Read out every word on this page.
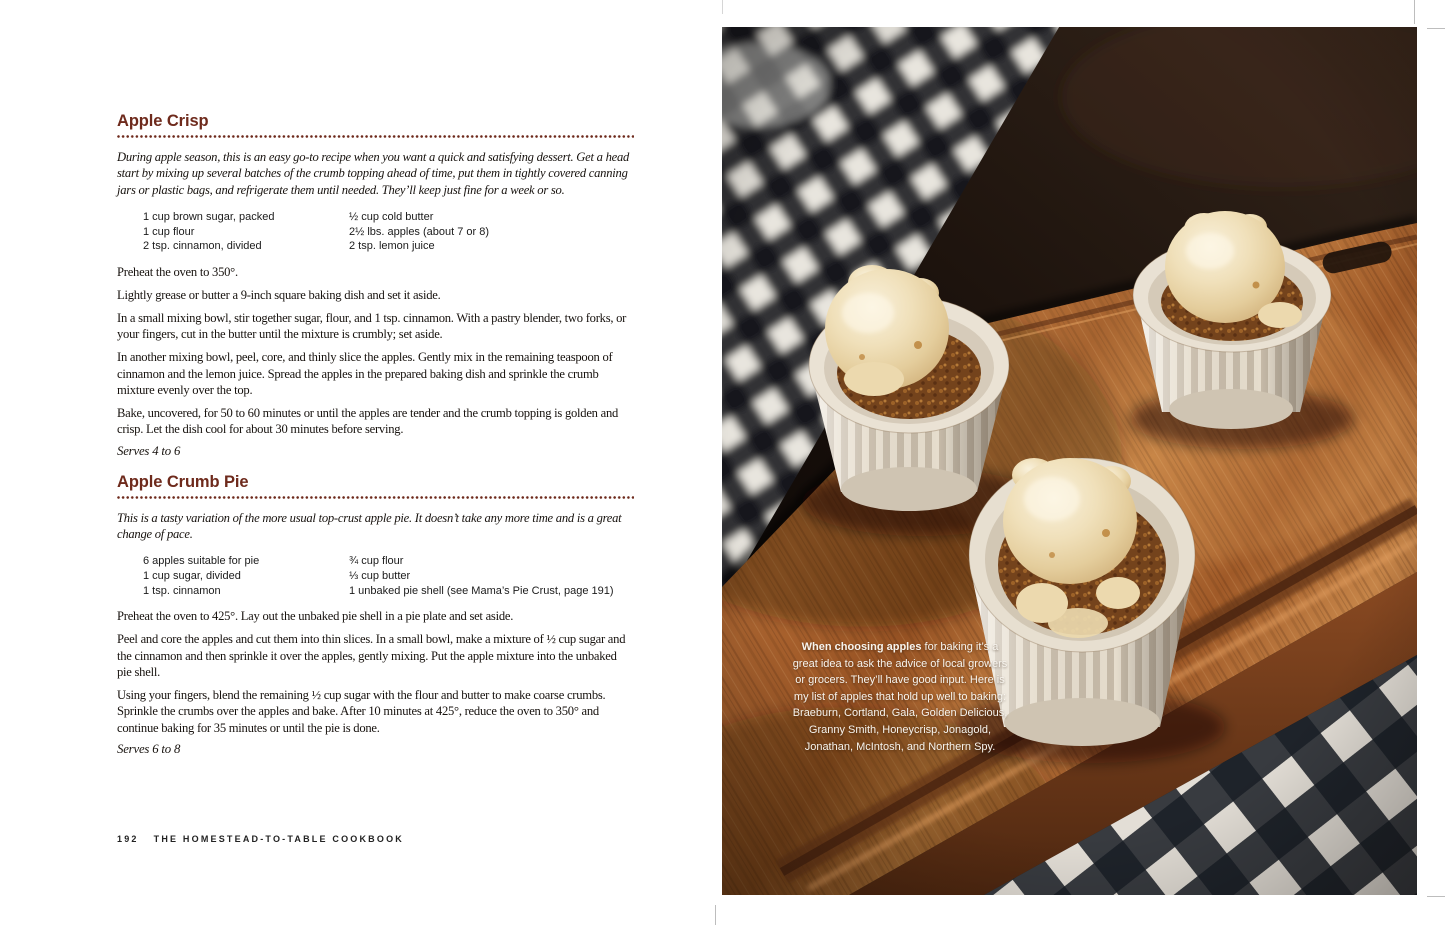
Apple Crisp

During apple season, this is an easy go-to recipe when you want a quick and satisfying dessert. Get a head start by mixing up several batches of the crumb topping ahead of time, put them in tightly covered canning jars or plastic bags, and refrigerate them until needed. They’ll keep just fine for a week or so.

1 cup brown sugar, packed
1 cup flour
2 tsp. cinnamon, divided
½ cup cold butter
2½ lbs. apples (about 7 or 8)
2 tsp. lemon juice

Preheat the oven to 350°.

Lightly grease or butter a 9-inch square baking dish and set it aside.

In a small mixing bowl, stir together sugar, flour, and 1 tsp. cinnamon. With a pastry blender, two forks, or your fingers, cut in the butter until the mixture is crumbly; set aside.

In another mixing bowl, peel, core, and thinly slice the apples. Gently mix in the remaining teaspoon of cinnamon and the lemon juice. Spread the apples in the prepared baking dish and sprinkle the crumb mixture evenly over the top.

Bake, uncovered, for 50 to 60 minutes or until the apples are tender and the crumb topping is golden and crisp. Let the dish cool for about 30 minutes before serving.

Serves 4 to 6

Apple Crumb Pie

This is a tasty variation of the more usual top-crust apple pie. It doesn’t take any more time and is a great change of pace.

6 apples suitable for pie
1 cup sugar, divided
1 tsp. cinnamon
¾ cup flour
⅓ cup butter
1 unbaked pie shell (see Mama’s Pie Crust, page 191)

Preheat the oven to 425°. Lay out the unbaked pie shell in a pie plate and set aside.

Peel and core the apples and cut them into thin slices. In a small bowl, make a mixture of ½ cup sugar and the cinnamon and then sprinkle it over the apples, gently mixing. Put the apple mixture into the unbaked pie shell.

Using your fingers, blend the remaining ½ cup sugar with the flour and butter to make coarse crumbs. Sprinkle the crumbs over the apples and bake. After 10 minutes at 425°, reduce the oven to 350° and continue baking for 35 minutes or until the pie is done.

Serves 6 to 8

192 THE HOMESTEAD-TO-TABLE COOKBOOK
When choosing apples for baking it’s a great idea to ask the advice of local growers or grocers. They’ll have good input. Here is my list of apples that hold up well to baking: Braeburn, Cortland, Gala, Golden Delicious, Granny Smith, Honeycrisp, Jonagold, Jonathan, McIntosh, and Northern Spy.
